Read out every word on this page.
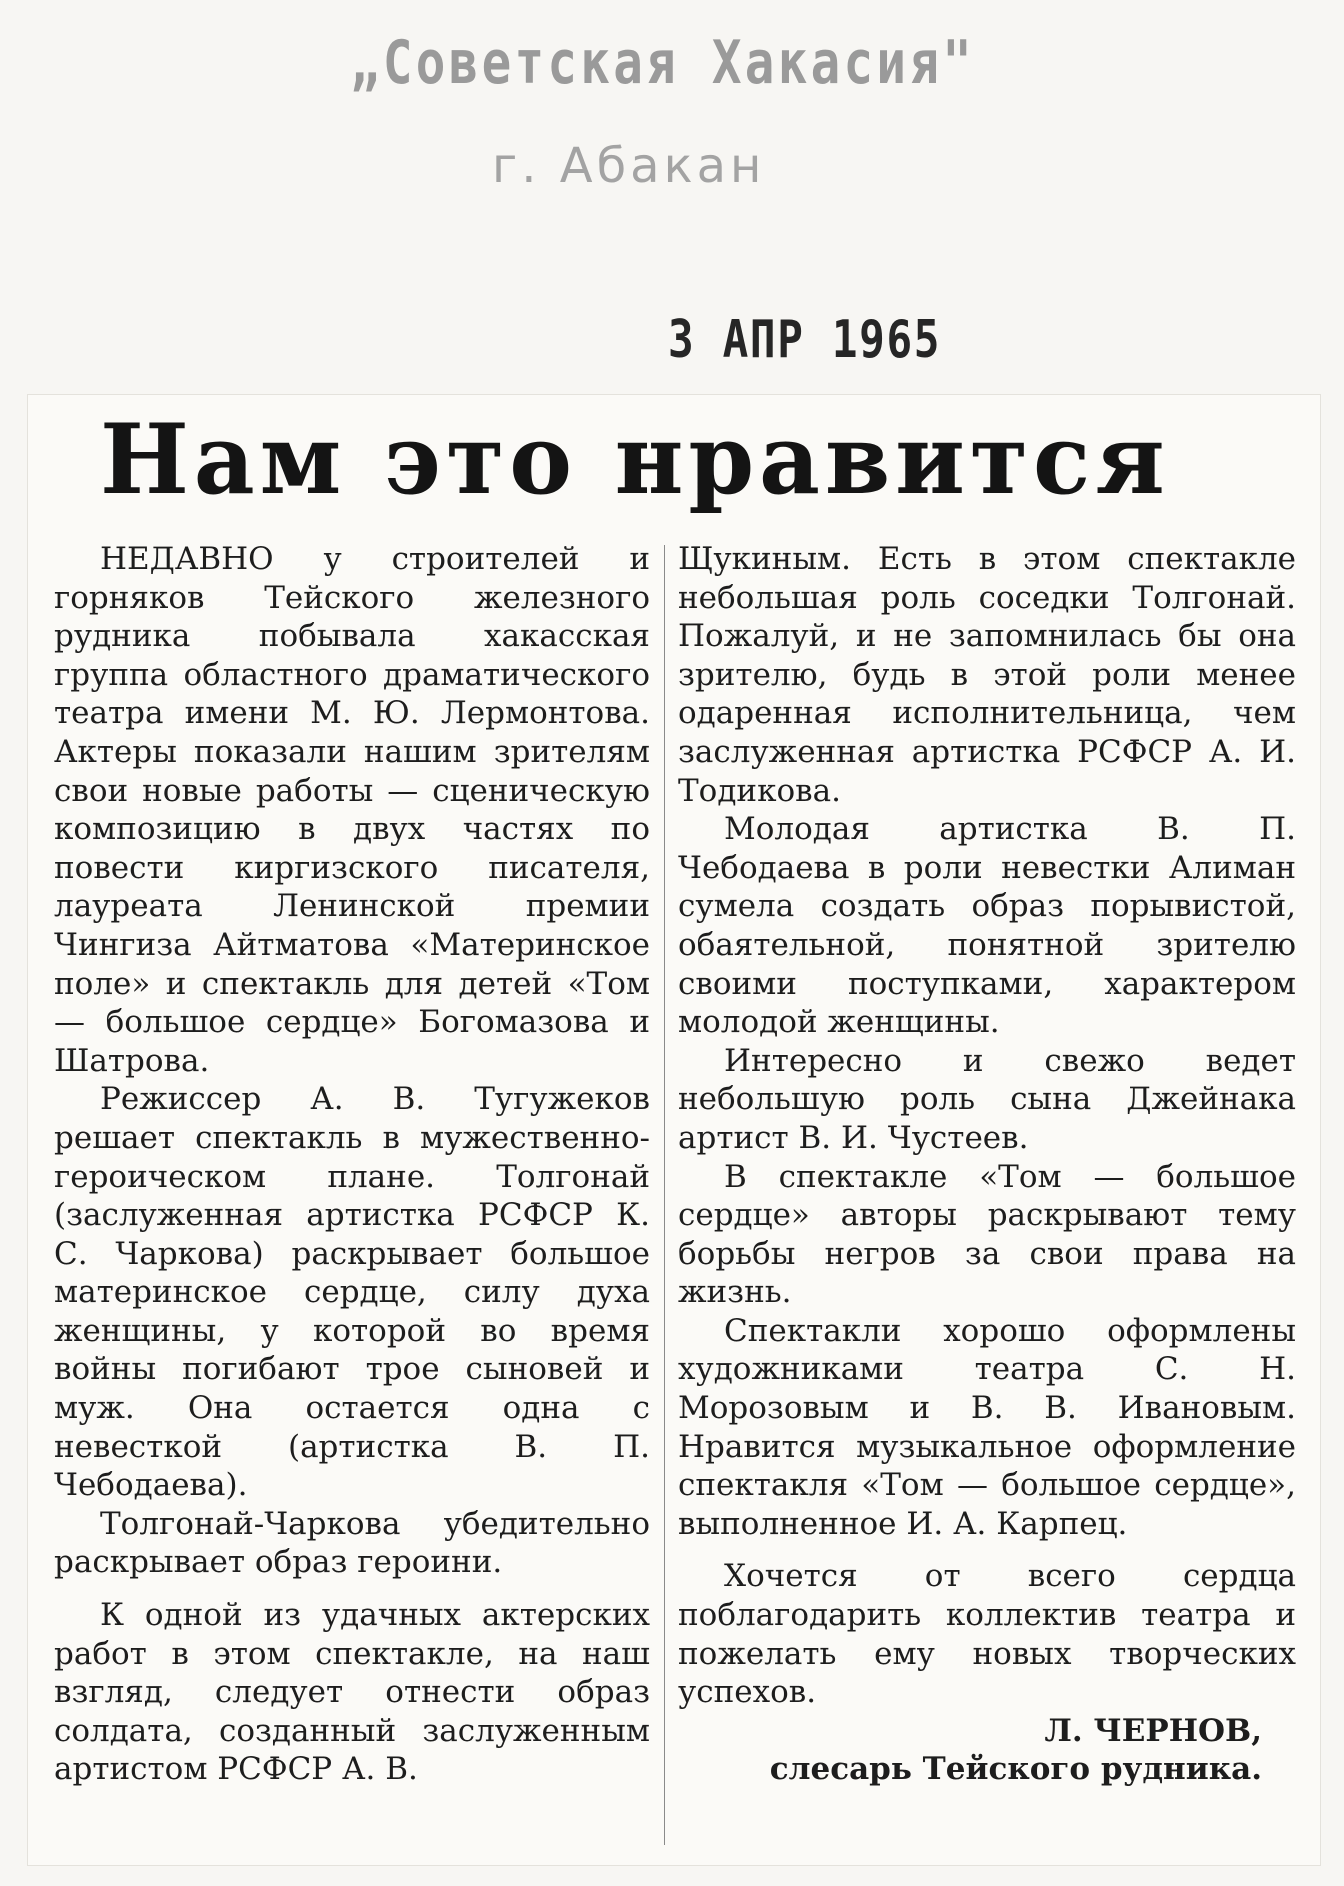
„Советская Хакасия"
г. Абакан
3 АПР 1965
Нам это нравится

НЕДАВНО у строителей и горняков Тейского железного рудника побывала хакасская группа областного драматического театра имени М. Ю. Лермонтова. Актеры показали нашим зрителям свои новые работы — сценическую композицию в двух частях по повести киргизского писателя, лауреата Ленинской премии Чингиза Айтматова «Материнское поле» и спектакль для детей «Том — большое сердце» Богомазова и Шатрова.

Режиссер А. В. Тугужеков решает спектакль в мужественно-героическом плане. Толгонай (заслуженная артистка РСФСР К. С. Чаркова) раскрывает большое материнское сердце, силу духа женщины, у которой во время войны погибают трое сыновей и муж. Она остается одна с невесткой (артистка В. П. Чебодаева).

Толгонай-Чаркова убедительно раскрывает образ героини.

К одной из удачных актерских работ в этом спектакле, на наш взгляд, следует отнести образ солдата, созданный заслуженным артистом РСФСР А. В.

Щукиным. Есть в этом спектакле небольшая роль соседки Толгонай. Пожалуй, и не запомнилась бы она зрителю, будь в этой роли менее одаренная исполнительница, чем заслуженная артистка РСФСР А. И. Тодикова.

Молодая артистка В. П. Чебодаева в роли невестки Алиман сумела создать образ порывистой, обаятельной, понятной зрителю своими поступками, характером молодой женщины.

Интересно и свежо ведет небольшую роль сына Джейнака артист В. И. Чустеев.

В спектакле «Том — большое сердце» авторы раскрывают тему борьбы негров за свои права на жизнь.

Спектакли хорошо оформлены художниками театра С. Н. Морозовым и В. В. Ивановым. Нравится музыкальное оформление спектакля «Том — большое сердце», выполненное И. А. Карпец.

Хочется от всего сердца поблагодарить коллектив театра и пожелать ему новых творческих успехов.

Л. ЧЕРНОВ,

слесарь Тейского рудника.
